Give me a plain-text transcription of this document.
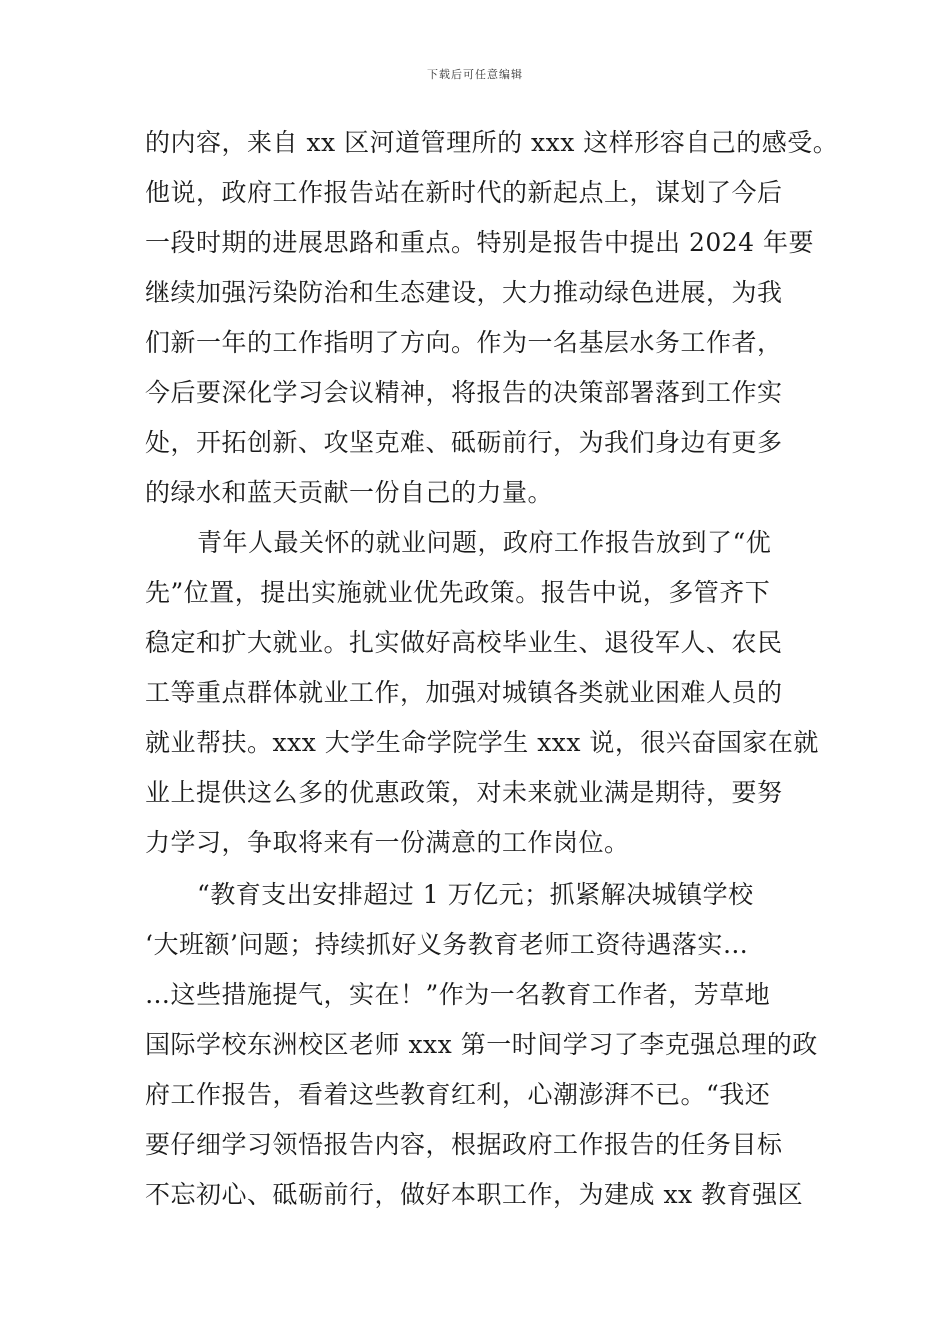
下载后可任意编辑
的内容，来自 xx 区河道管理所的 xxx 这样形容自己的感受。
他说，政府工作报告站在新时代的新起点上，谋划了今后
一段时期的进展思路和重点。特别是报告中提出 2024 年要
继续加强污染防治和生态建设，大力推动绿色进展，为我
们新一年的工作指明了方向。作为一名基层水务工作者，
今后要深化学习会议精神，将报告的决策部署落到工作实
处，开拓创新、攻坚克难、砥砺前行，为我们身边有更多
的绿水和蓝天贡献一份自己的力量。
青年人最关怀的就业问题，政府工作报告放到了“优
先”位置，提出实施就业优先政策。报告中说，多管齐下
稳定和扩大就业。扎实做好高校毕业生、退役军人、农民
工等重点群体就业工作，加强对城镇各类就业困难人员的
就业帮扶。xxx 大学生命学院学生 xxx 说，很兴奋国家在就
业上提供这么多的优惠政策，对未来就业满是期待，要努
力学习，争取将来有一份满意的工作岗位。
“教育支出安排超过 1 万亿元；抓紧解决城镇学校
‘大班额’问题；持续抓好义务教育老师工资待遇落实…
…这些措施提气，实在！”作为一名教育工作者，芳草地
国际学校东洲校区老师 xxx 第一时间学习了李克强总理的政
府工作报告，看着这些教育红利，心潮澎湃不已。“我还
要仔细学习领悟报告内容，根据政府工作报告的任务目标
不忘初心、砥砺前行，做好本职工作，为建成 xx 教育强区
